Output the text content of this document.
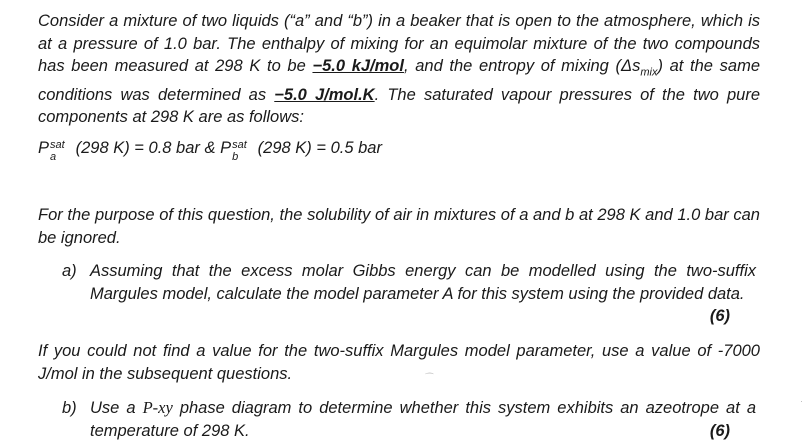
Consider a mixture of two liquids (“a” and “b”) in a beaker that is open to the atmosphere, which is at a pressure of 1.0 bar. The enthalpy of mixing for an equimolar mixture of the two compounds has been measured at 298 K to be −5.0 kJ/mol, and the entropy of mixing $(\Delta s_{mix})$ at the same conditions was determined as −5.0 J/mol.K. The saturated vapour pressures of the two pure components at 298 K are as follows:

P sat
a (298 K) = 0.8 bar & P sat
b (298 K) = 0.5 bar

For the purpose of this question, the solubility of air in mixtures of a and b at 298 K and 1.0 bar can be ignored.

a) Assuming that the excess molar Gibbs energy can be modelled using the two-suffix Margules model, calculate the model parameter A for this system using the provided data.
(6)

If you could not find a value for the two-suffix Margules model parameter, use a value of -7000 J/mol in the subsequent questions.

b) Use a P-xy phase diagram to determine whether this system exhibits an azeotrope at a temperature of 298 K.	(6)
⁀
·
